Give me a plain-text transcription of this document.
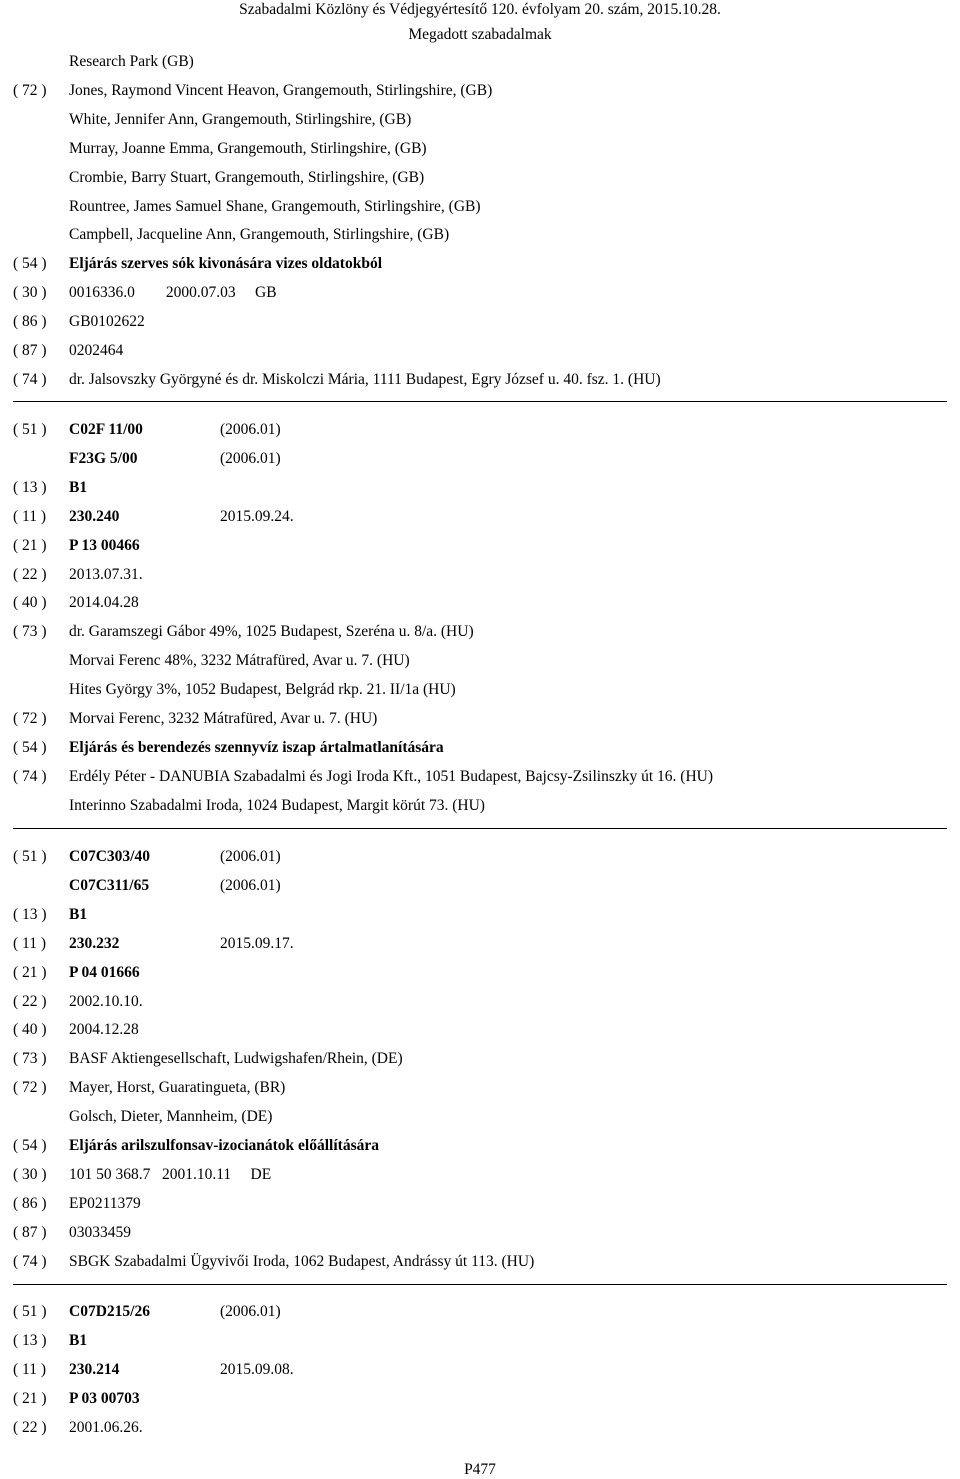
Szabadalmi Közlöny és Védjegyértesítő 120. évfolyam 20. szám, 2015.10.28.
Megadott szabadalmak
Research Park (GB)
( 72 ) Jones, Raymond Vincent Heavon, Grangemouth, Stirlingshire, (GB)
White, Jennifer Ann, Grangemouth, Stirlingshire, (GB)
Murray, Joanne Emma, Grangemouth, Stirlingshire, (GB)
Crombie, Barry Stuart, Grangemouth, Stirlingshire, (GB)
Rountree, James Samuel Shane, Grangemouth, Stirlingshire, (GB)
Campbell, Jacqueline Ann, Grangemouth, Stirlingshire, (GB)
( 54 ) Eljárás szerves sók kivonására vizes oldatokból
( 30 ) 0016336.0        2000.07.03     GB
( 86 ) GB0102622
( 87 ) 0202464
( 74 ) dr. Jalsovszky Györgyné és dr. Miskolczi Mária, 1111 Budapest, Egry József u. 40. fsz. 1. (HU)
( 51 ) C02F 11/00	(2006.01)
F23G 5/00	(2006.01)
( 13 ) B1
( 11 ) 230.240	2015.09.24.
( 21 ) P 13 00466
( 22 ) 2013.07.31.
( 40 ) 2014.04.28
( 73 ) dr. Garamszegi Gábor 49%, 1025 Budapest, Szeréna u. 8/a. (HU)
Morvai Ferenc 48%, 3232 Mátrafüred, Avar u. 7. (HU)
Hites György 3%, 1052 Budapest, Belgrád rkp. 21. II/1a (HU)
( 72 ) Morvai Ferenc, 3232 Mátrafüred, Avar u. 7. (HU)
( 54 ) Eljárás és berendezés szennyvíz iszap ártalmatlanítására
( 74 ) Erdély Péter - DANUBIA Szabadalmi és Jogi Iroda Kft., 1051 Budapest, Bajcsy-Zsilinszky út 16. (HU)
Interinno Szabadalmi Iroda, 1024 Budapest, Margit körút 73. (HU)
( 51 ) C07C303/40	(2006.01)
C07C311/65	(2006.01)
( 13 ) B1
( 11 ) 230.232	2015.09.17.
( 21 ) P 04 01666
( 22 ) 2002.10.10.
( 40 ) 2004.12.28
( 73 ) BASF Aktiengesellschaft, Ludwigshafen/Rhein, (DE)
( 72 ) Mayer, Horst, Guaratingueta, (BR)
Golsch, Dieter, Mannheim, (DE)
( 54 ) Eljárás arilszulfonsav-izocianátok előállítására
( 30 ) 101 50 368.7   2001.10.11     DE
( 86 ) EP0211379
( 87 ) 03033459
( 74 ) SBGK Szabadalmi Ügyvivői Iroda, 1062 Budapest, Andrássy út 113. (HU)
( 51 ) C07D215/26	(2006.01)
( 13 ) B1
( 11 ) 230.214	2015.09.08.
( 21 ) P 03 00703
( 22 ) 2001.06.26.
P477
